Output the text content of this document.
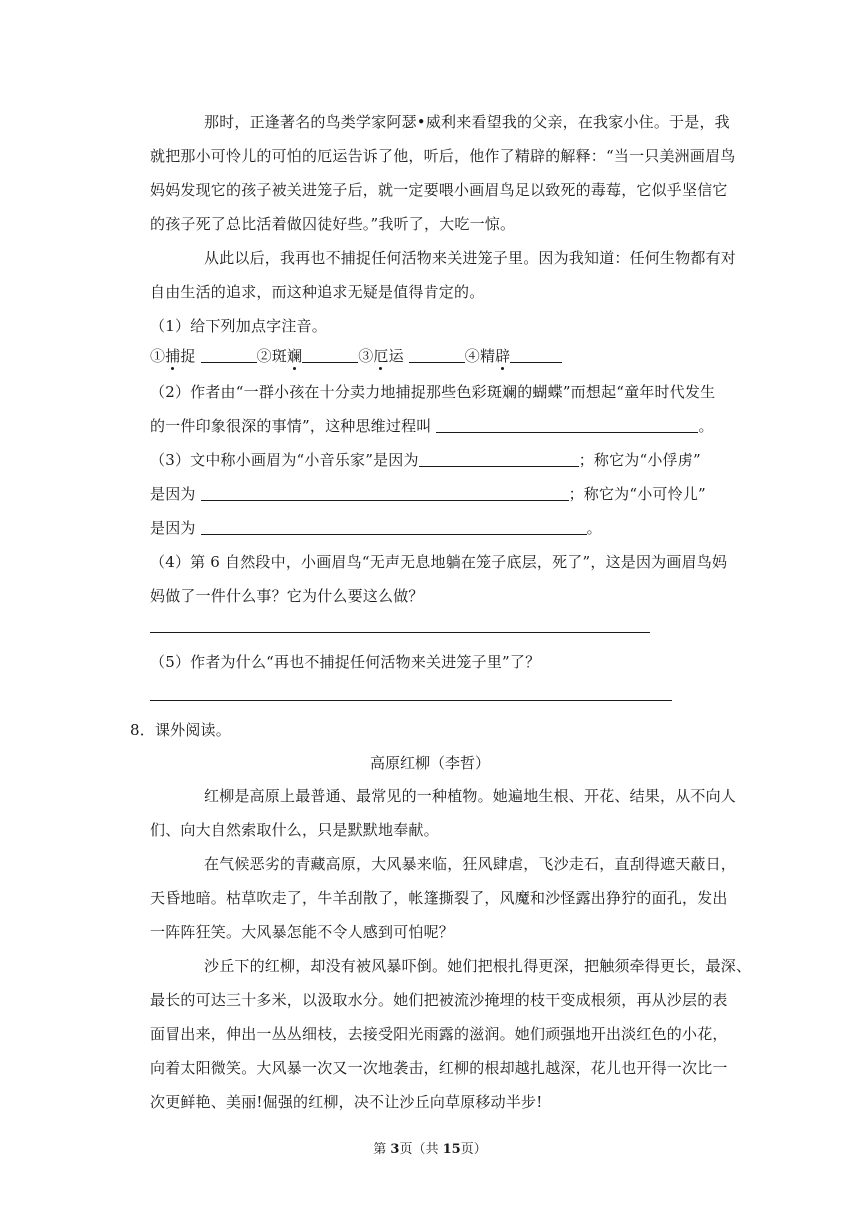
那时，正逢著名的鸟类学家阿瑟•威利来看望我的父亲，在我家小住。于是，我
就把那小可怜儿的可怕的厄运告诉了他，听后，他作了精辟的解释：“当一只美洲画眉鸟
妈妈发现它的孩子被关进笼子后，就一定要喂小画眉鸟足以致死的毒莓，它似乎坚信它
的孩子死了总比活着做囚徒好些。”我听了，大吃一惊。
从此以后，我再也不捕捉任何活物来关进笼子里。因为我知道：任何生物都有对
自由生活的追求，而这种追求无疑是值得肯定的。
（1）给下列加点字注音。
①捕捉	②斑斓	③厄运	④精辟
（2）作者由“一群小孩在十分卖力地捕捉那些色彩斑斓的蝴蝶”而想起“童年时代发生
的一件印象很深的事情”，这种思维过程叫	。
（3）文中称小画眉为“小音乐家”是因为	；称它为“小俘虏”
是因为	；称它为“小可怜儿”
是因为	。
（4）第 6 自然段中，小画眉鸟“无声无息地躺在笼子底层，死了”，这是因为画眉鸟妈
妈做了一件什么事？它为什么要这么做？
（5）作者为什么“再也不捕捉任何活物来关进笼子里”了？
8．课外阅读。
高原红柳（李哲）
红柳是高原上最普通、最常见的一种植物。她遍地生根、开花、结果，从不向人
们、向大自然索取什么，只是默默地奉献。
在气候恶劣的青藏高原，大风暴来临，狂风肆虐，飞沙走石，直刮得遮天蔽日，
天昏地暗。枯草吹走了，牛羊刮散了，帐篷撕裂了，风魔和沙怪露出狰狞的面孔，发出
一阵阵狂笑。大风暴怎能不令人感到可怕呢？
沙丘下的红柳，却没有被风暴吓倒。她们把根扎得更深，把触须牵得更长，最深、
最长的可达三十多米，以汲取水分。她们把被流沙掩埋的枝干变成根须，再从沙层的表
面冒出来，伸出一丛丛细枝，去接受阳光雨露的滋润。她们顽强地开出淡红色的小花，
向着太阳微笑。大风暴一次又一次地袭击，红柳的根却越扎越深，花儿也开得一次比一
次更鲜艳、美丽!倔强的红柳，决不让沙丘向草原移动半步!
第 3页（共 15页）
